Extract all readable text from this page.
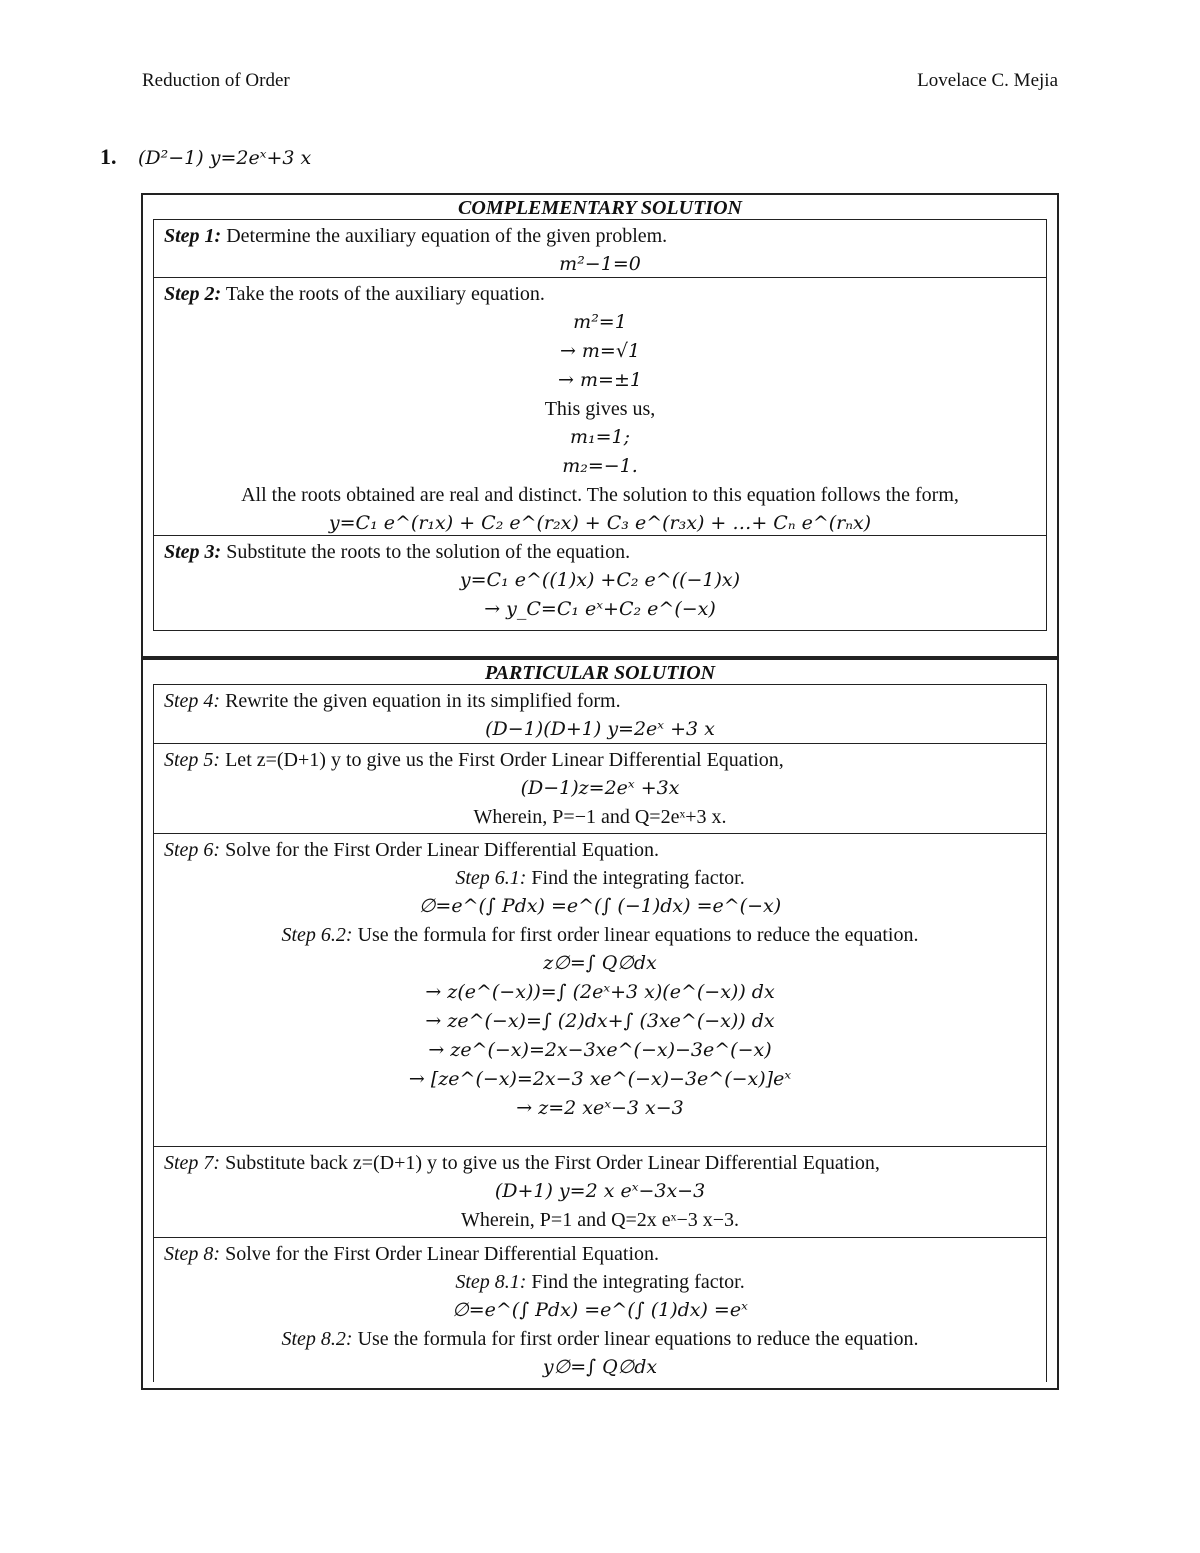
Reduction of Order	Lovelace C. Mejia
1. (D²−1) y=2eˣ+3 x
COMPLEMENTARY SOLUTION
Step 1: Determine the auxiliary equation of the given problem.
m²−1=0
Step 2: Take the roots of the auxiliary equation.
m²=1
→ m=√1
→ m=±1
This gives us,
m₁=1;
m₂=−1.
All the roots obtained are real and distinct. The solution to this equation follows the form,
y=C₁ e^(r₁x) + C₂ e^(r₂x) + C₃ e^(r₃x) + …+ Cₙ e^(rₙx)
Step 3: Substitute the roots to the solution of the equation.
y=C₁ e^((1)x) +C₂ e^((−1)x)
→ y_C=C₁ eˣ+C₂ e^(−x)
PARTICULAR SOLUTION
Step 4: Rewrite the given equation in its simplified form.
(D−1)(D+1) y=2eˣ +3 x
Step 5: Let z=(D+1) y to give us the First Order Linear Differential Equation,
(D−1)z=2eˣ +3x
Wherein, P=−1 and Q=2eˣ+3 x.
Step 6: Solve for the First Order Linear Differential Equation.
Step 6.1: Find the integrating factor.
∅=e^(∫ Pdx) =e^(∫ (−1)dx) =e^(−x)
Step 6.2: Use the formula for first order linear equations to reduce the equation.
z∅=∫ Q∅dx
→ z(e^(−x))=∫ (2eˣ+3 x)(e^(−x)) dx
→ ze^(−x)=∫ (2)dx+∫ (3xe^(−x)) dx
→ ze^(−x)=2x−3xe^(−x)−3e^(−x)
→ [ze^(−x)=2x−3 xe^(−x)−3e^(−x)]eˣ
→ z=2 xeˣ−3 x−3
Step 7: Substitute back z=(D+1) y to give us the First Order Linear Differential Equation,
(D+1) y=2 x eˣ−3x−3
Wherein, P=1 and Q=2x eˣ−3 x−3.
Step 8: Solve for the First Order Linear Differential Equation.
Step 8.1: Find the integrating factor.
∅=e^(∫ Pdx) =e^(∫ (1)dx) =eˣ
Step 8.2: Use the formula for first order linear equations to reduce the equation.
y∅=∫ Q∅dx
